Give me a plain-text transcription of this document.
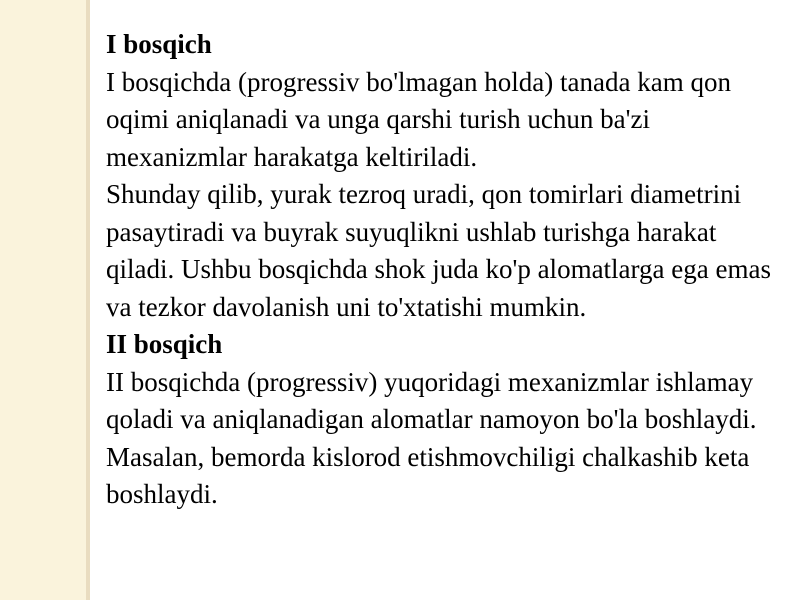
I bosqich
I bosqichda (progressiv bo'lmagan holda) tanada kam qon oqimi aniqlanadi va unga qarshi turish uchun ba'zi mexanizmlar harakatga keltiriladi.
Shunday qilib, yurak tezroq uradi, qon tomirlari diametrini pasaytiradi va buyrak suyuqlikni ushlab turishga harakat qiladi. Ushbu bosqichda shok juda ko'p alomatlarga ega emas va tezkor davolanish uni to'xtatishi mumkin.
II bosqich
II bosqichda (progressiv) yuqoridagi mexanizmlar ishlamay qoladi va aniqlanadigan alomatlar namoyon bo'la boshlaydi. Masalan, bemorda kislorod etishmovchiligi chalkashib keta boshlaydi.
